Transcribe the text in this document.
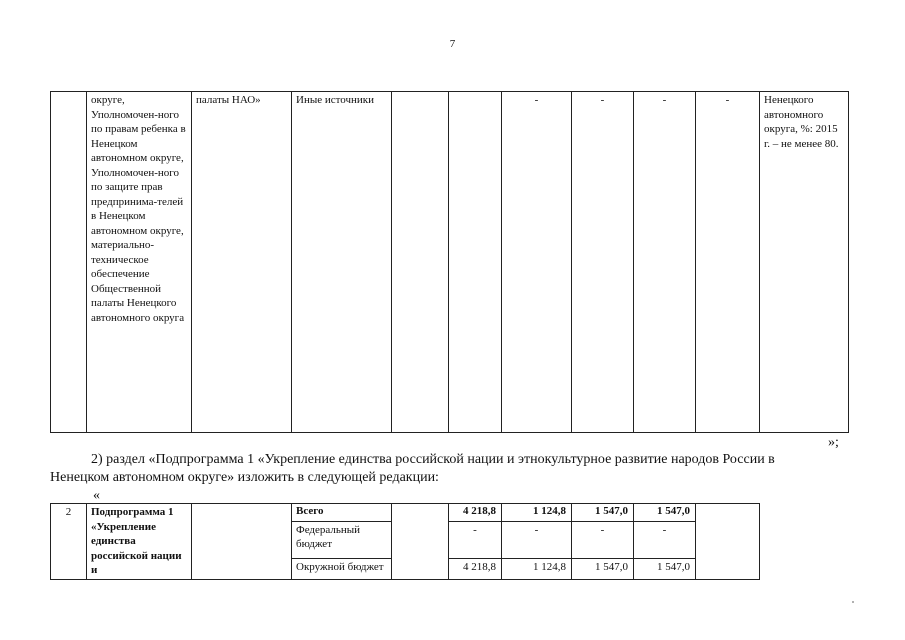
7
	округе, Уполномочен-ного по правам ребенка в Ненецком автономном округе, Уполномочен-ного по защите прав предпринима-телей в Ненецком автономном округе, материально-техническое обеспечение Общественной палаты Ненецкого автономного округа	палаты НАО»	Иные источники			-	-	-	-	Ненецкого автономного округа, %: 2015 г. – не менее 80.
»;
2) раздел «Подпрограмма 1 «Укрепление единства российской нации и этнокультурное развитие народов России в
Ненецком автономном округе» изложить в следующей редакции:
«
2	Подпрограмма 1 «Укрепление единства российской нации и		Всего		4 218,8	1 124,8	1 547,0	1 547,0	
			Федеральный бюджет		-	-	-	-	
			Окружной бюджет		4 218,8	1 124,8	1 547,0	1 547,0	
